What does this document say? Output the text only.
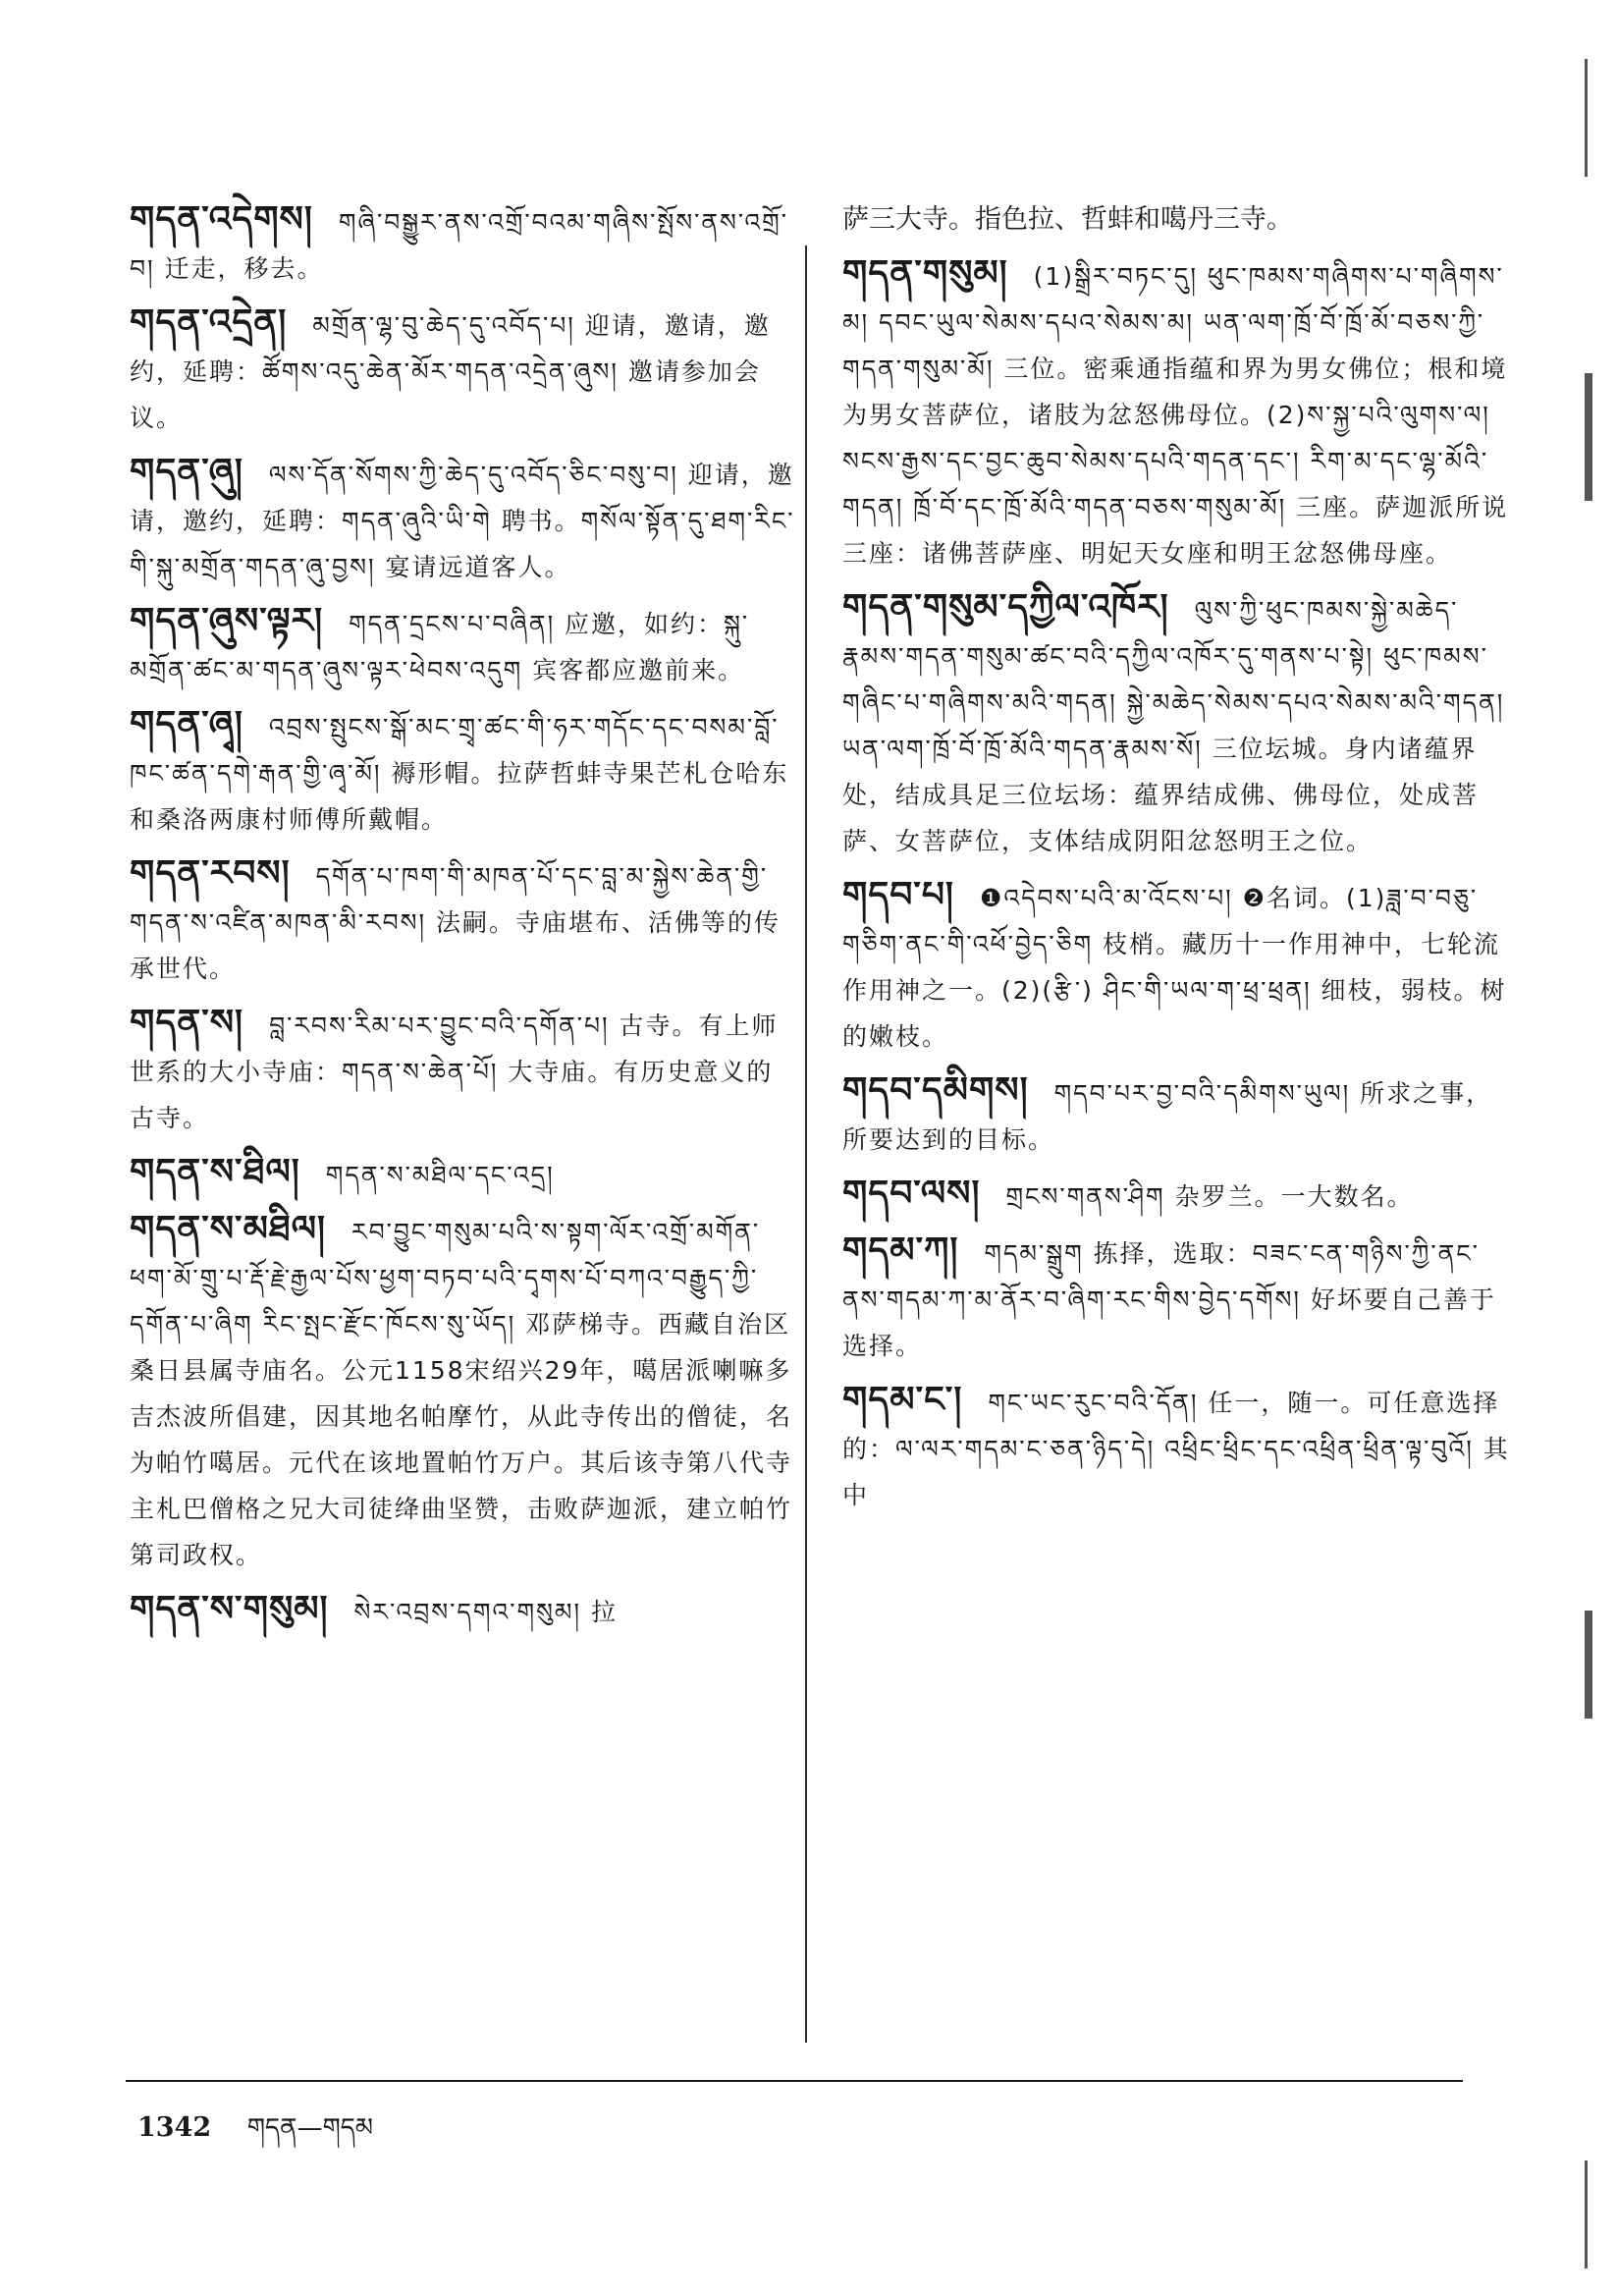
གདན་འདེགས། གཞི་བསྒྱུར་ནས་འགྲོ་བའམ་གཞིས་སྤོས་ནས་འགྲོ་བ། 迁走，移去。
གདན་འདྲེན། མགྲོན་ལྷ་བུ་ཆེད་དུ་འབོད་པ། 迎请，邀请，邀约，延聘：ཚོགས་འདུ་ཆེན་མོར་གདན་འདྲེན་ཞུས། 邀请参加会议。
གདན་ཞུ། ལས་དོན་སོགས་ཀྱི་ཆེད་དུ་འབོད་ཅིང་བསུ་བ། 迎请，邀请，邀约，延聘：གདན་ཞུའི་ཡི་གེ 聘书。གསོལ་སྟོན་དུ་ཐག་རིང་གི་སྐུ་མགྲོན་གདན་ཞུ་བྱས། 宴请远道客人。
གདན་ཞུས་ལྟར། གདན་དྲངས་པ་བཞིན། 应邀，如约：སྐུ་མགྲོན་ཚང་མ་གདན་ཞུས་ལྟར་ཕེབས་འདུག 宾客都应邀前来。
གདན་ཞྭ། འབྲས་སྤུངས་སྒོ་མང་གྲྭ་ཚང་གི་ཧར་གདོང་དང་བསམ་བློ་ཁང་ཚན་དགེ་རྒན་གྱི་ཞྭ་མོ། 褥形帽。拉萨哲蚌寺果芒札仓哈东和桑洛两康村师傅所戴帽。
གདན་རབས། དགོན་པ་ཁག་གི་མཁན་པོ་དང་བླ་མ་སྐྱེས་ཆེན་གྱི་གདན་ས་འཛིན་མཁན་མི་རབས། 法嗣。寺庙堪布、活佛等的传承世代。
གདན་ས། བླ་རབས་རིམ་པར་བྱུང་བའི་དགོན་པ། 古寺。有上师世系的大小寺庙：གདན་ས་ཆེན་པོ། 大寺庙。有历史意义的古寺。
གདན་ས་ཐིལ། གདན་ས་མཐིལ་དང་འདྲ།
གདན་ས་མཐིལ། རབ་བྱུང་གསུམ་པའི་ས་སྟག་ལོར་འགྲོ་མགོན་ཕག་མོ་གྲུ་པ་རྡོ་རྗེ་རྒྱལ་པོས་ཕྱག་བཏབ་པའི་དྭགས་པོ་བཀའ་བརྒྱུད་ཀྱི་དགོན་པ་ཞིག རིང་སྤང་རྫོང་ཁོངས་སུ་ཡོད། 邓萨梯寺。西藏自治区桑日县属寺庙名。公元1158宋绍兴29年，噶居派喇嘛多吉杰波所倡建，因其地名帕摩竹，从此寺传出的僧徒，名为帕竹噶居。元代在该地置帕竹万户。其后该寺第八代寺主札巴僧格之兄大司徒绛曲坚赞，击败萨迦派，建立帕竹第司政权。
གདན་ས་གསུམ། སེར་འབྲས་དགའ་གསུམ། 拉
萨三大寺。指色拉、哲蚌和噶丹三寺。
གདན་གསུམ། (1)སྒྲིར་བཏང་དུ། ཕུང་ཁམས་གཞིགས་པ་གཞིགས་མ། དབང་ཡུལ་སེམས་དཔའ་སེམས་མ། ཡན་ལག་ཁྲོ་བོ་ཁྲོ་མོ་བཅས་ཀྱི་གདན་གསུམ་མོ། 三位。密乘通指蕴和界为男女佛位；根和境为男女菩萨位，诸肢为忿怒佛母位。(2)ས་སྐྱ་པའི་ལུགས་ལ། སངས་རྒྱས་དང་བྱང་ཆུབ་སེམས་དཔའི་གདན་དང་། རིག་མ་དང་ལྷ་མོའི་གདན། ཁྲོ་བོ་དང་ཁྲོ་མོའི་གདན་བཅས་གསུམ་མོ། 三座。萨迦派所说三座：诸佛菩萨座、明妃天女座和明王忿怒佛母座。
གདན་གསུམ་དཀྱིལ་འཁོར། ལུས་ཀྱི་ཕུང་ཁམས་སྐྱེ་མཆེད་རྣམས་གདན་གསུམ་ཚང་བའི་དཀྱིལ་འཁོར་དུ་གནས་པ་སྟེ། ཕུང་ཁམས་གཞིང་པ་གཞིགས་མའི་གདན། སྐྱེ་མཆེད་སེམས་དཔའ་སེམས་མའི་གདན། ཡན་ལག་ཁྲོ་བོ་ཁྲོ་མོའི་གདན་རྣམས་སོ། 三位坛城。身内诸蕴界处，结成具足三位坛场：蕴界结成佛、佛母位，处成菩萨、女菩萨位，支体结成阴阳忿怒明王之位。
གདབ་པ། ❶འདེབས་པའི་མ་འོངས་པ། ❷名词。(1)ཟླ་བ་བཅུ་གཅིག་ནང་གི་འཕོ་བྱེད་ཅིག 枝梢。藏历十一作用神中，七轮流作用神之一。(2)(རྩི་) ཤིང་གི་ཡལ་ག་ཕྲ་ཕྲན། 细枝，弱枝。树的嫩枝。
གདབ་དམིགས། གདབ་པར་བྱ་བའི་དམིགས་ཡུལ། 所求之事，所要达到的目标。
གདབ་ལས། གྲངས་གནས་ཤིག 杂罗兰。一大数名。
གདམ་ཀ། གདམ་སྒྲུག 拣择，选取：བཟང་ངན་གཉིས་ཀྱི་ནང་ནས་གདམ་ཀ་མ་ནོར་བ་ཞིག་རང་གིས་བྱེད་དགོས། 好坏要自己善于选择。
གདམ་ང་། གང་ཡང་རུང་བའི་དོན། 任一，随一。可任意选择的：ལ་ལར་གདམ་ང་ཅན་ཉིད་དེ། འཕྲིང་ཕྲིང་དང་འཕྲིན་ཕྲིན་ལྟ་བུའོ། 其中
1342 གདན—གདམ
